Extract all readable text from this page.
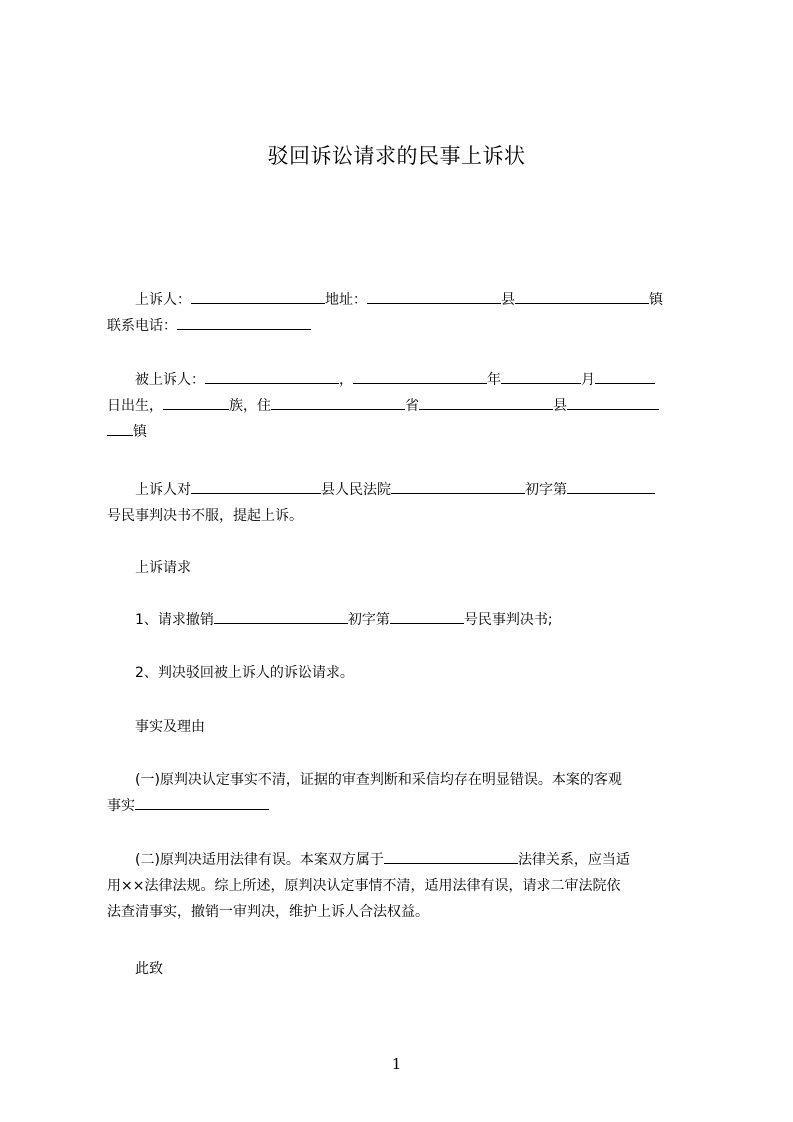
驳回诉讼请求的民事上诉状
上诉人：	地址：	县	镇
联系电话：
被上诉人：	，	年	月
日出生，	族，住	省	县
镇
上诉人对	县人民法院	初字第
号民事判决书不服，提起上诉。
上诉请求
1、请求撤销	初字第	号民事判决书;
2、判决驳回被上诉人的诉讼请求。
事实及理由
(一)原判决认定事实不清，证据的审查判断和采信均存在明显错误。本案的客观
事实
(二)原判决适用法律有误。本案双方属于	法律关系，应当适
用××法律法规。综上所述，原判决认定事情不清，适用法律有误，请求二审法院依
法查清事实，撤销一审判决，维护上诉人合法权益。
此致
1
